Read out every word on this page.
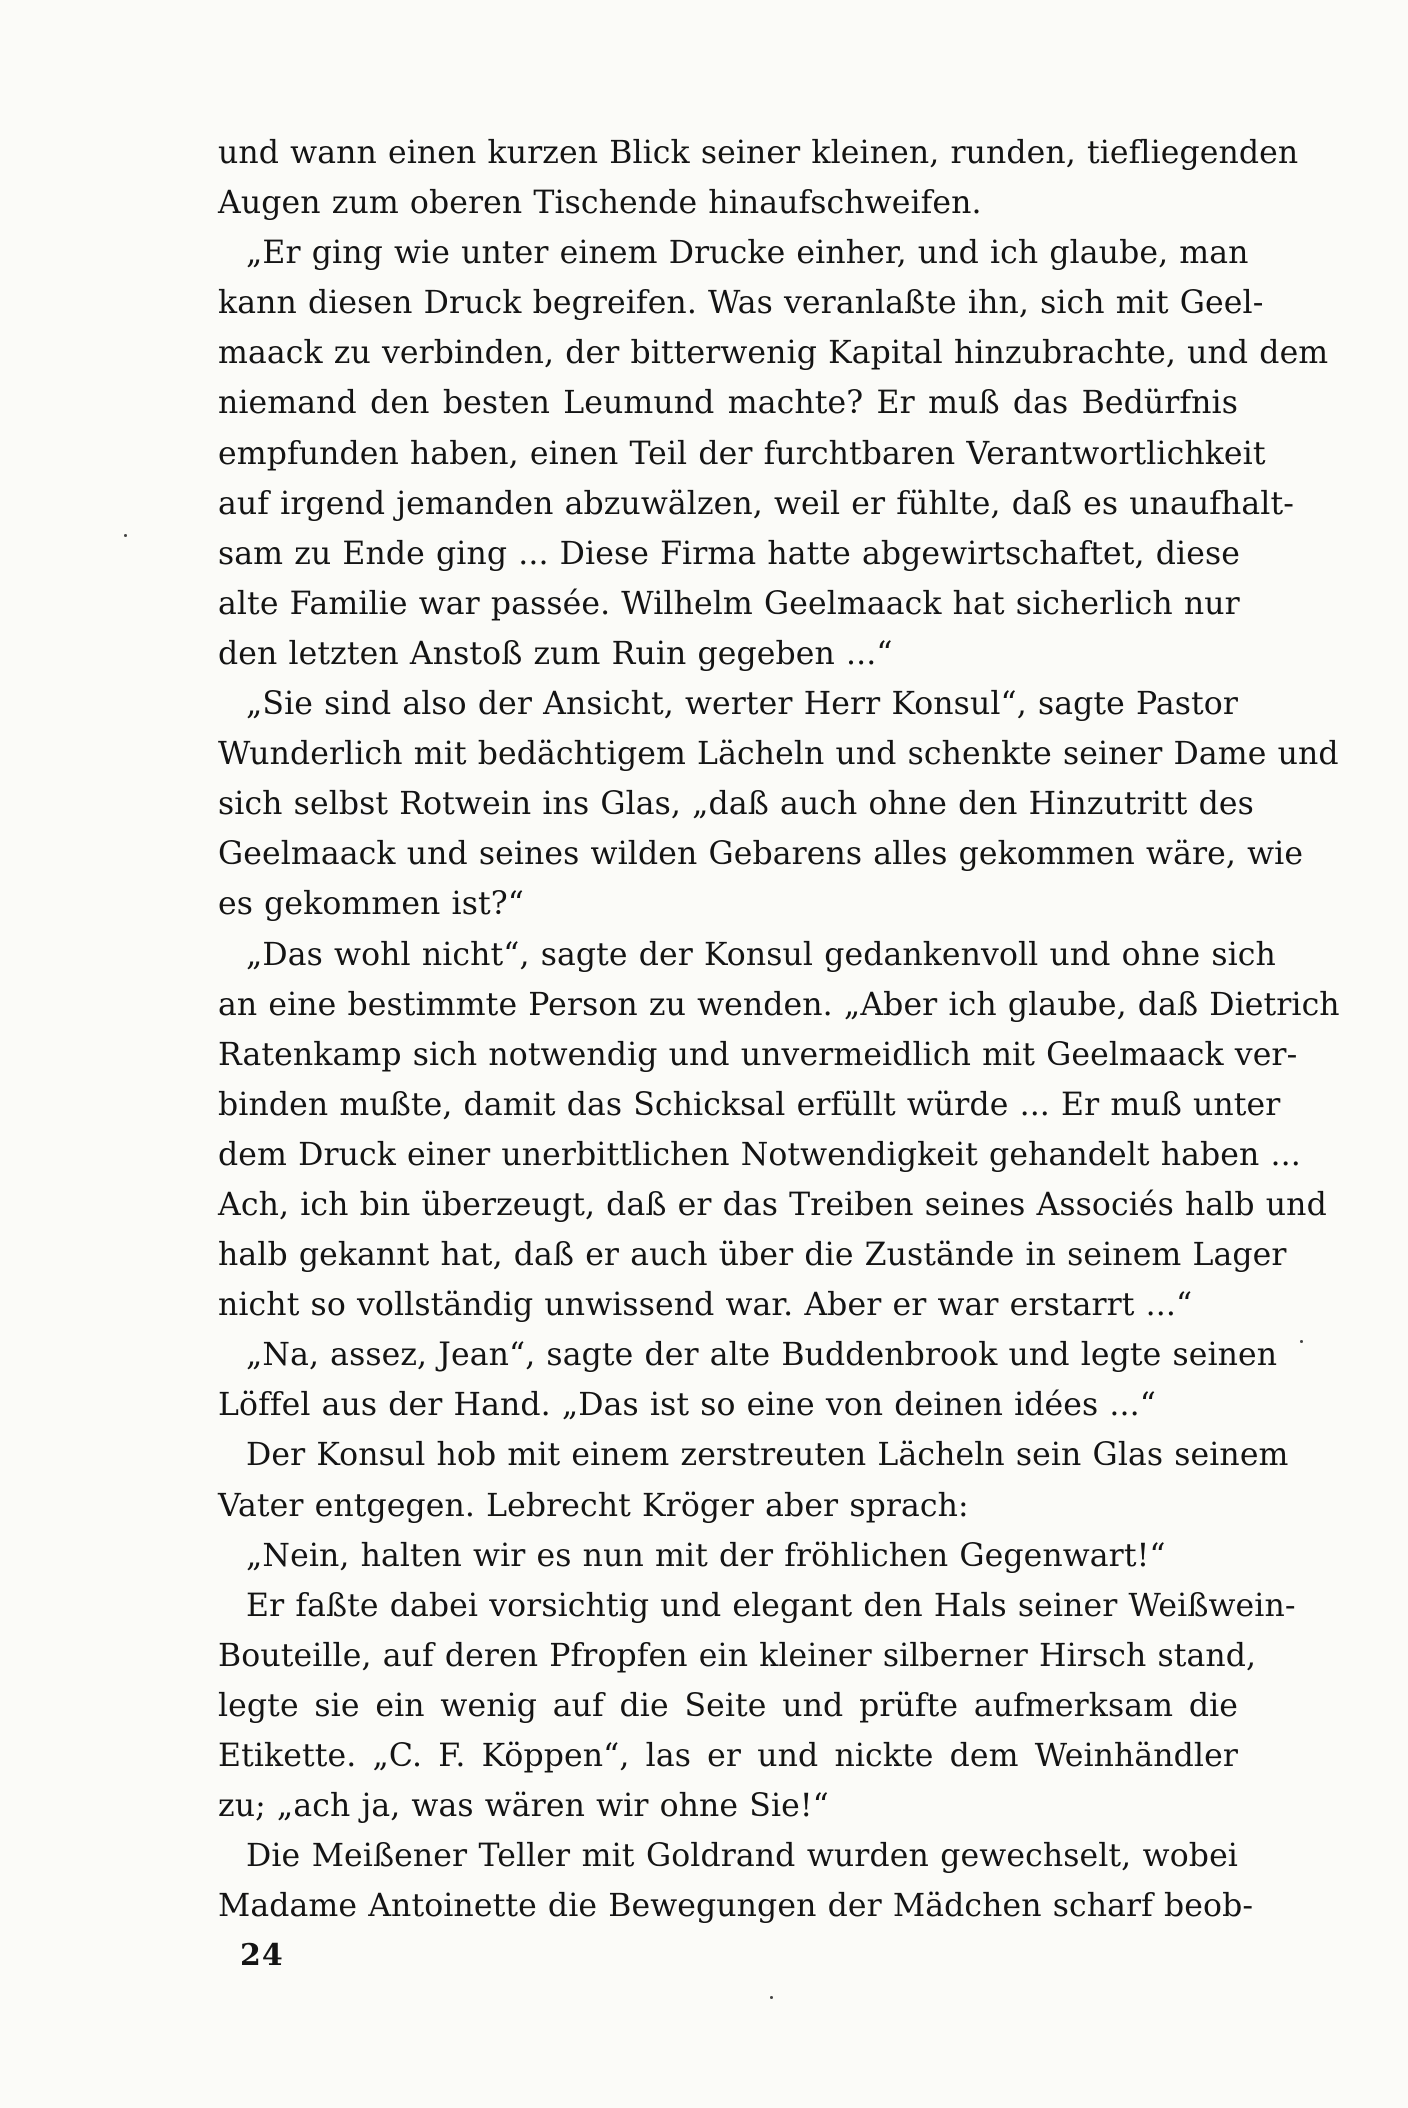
und wann einen kurzen Blick seiner kleinen, runden, tiefliegenden
Augen zum oberen Tischende hinaufschweifen.
„Er ging wie unter einem Drucke einher, und ich glaube, man
kann diesen Druck begreifen. Was veranlaßte ihn, sich mit Geel-
maack zu verbinden, der bitterwenig Kapital hinzubrachte, und dem
niemand den besten Leumund machte? Er muß das Bedürfnis
empfunden haben, einen Teil der furchtbaren Verantwortlichkeit
auf irgend jemanden abzuwälzen, weil er fühlte, daß es unaufhalt-
sam zu Ende ging ... Diese Firma hatte abgewirtschaftet, diese
alte Familie war passée. Wilhelm Geelmaack hat sicherlich nur
den letzten Anstoß zum Ruin gegeben ...“
„Sie sind also der Ansicht, werter Herr Konsul“, sagte Pastor
Wunderlich mit bedächtigem Lächeln und schenkte seiner Dame und
sich selbst Rotwein ins Glas, „daß auch ohne den Hinzutritt des
Geelmaack und seines wilden Gebarens alles gekommen wäre, wie
es gekommen ist?“
„Das wohl nicht“, sagte der Konsul gedankenvoll und ohne sich
an eine bestimmte Person zu wenden. „Aber ich glaube, daß Dietrich
Ratenkamp sich notwendig und unvermeidlich mit Geelmaack ver-
binden mußte, damit das Schicksal erfüllt würde ... Er muß unter
dem Druck einer unerbittlichen Notwendigkeit gehandelt haben ...
Ach, ich bin überzeugt, daß er das Treiben seines Associés halb und
halb gekannt hat, daß er auch über die Zustände in seinem Lager
nicht so vollständig unwissend war. Aber er war erstarrt ...“
„Na, assez, Jean“, sagte der alte Buddenbrook und legte seinen
Löffel aus der Hand. „Das ist so eine von deinen idées ...“
Der Konsul hob mit einem zerstreuten Lächeln sein Glas seinem
Vater entgegen. Lebrecht Kröger aber sprach:
„Nein, halten wir es nun mit der fröhlichen Gegenwart!“
Er faßte dabei vorsichtig und elegant den Hals seiner Weißwein-
Bouteille, auf deren Pfropfen ein kleiner silberner Hirsch stand,
legte sie ein wenig auf die Seite und prüfte aufmerksam die
Etikette. „C. F. Köppen“, las er und nickte dem Weinhändler
zu; „ach ja, was wären wir ohne Sie!“
Die Meißener Teller mit Goldrand wurden gewechselt, wobei
Madame Antoinette die Bewegungen der Mädchen scharf beob-
24
